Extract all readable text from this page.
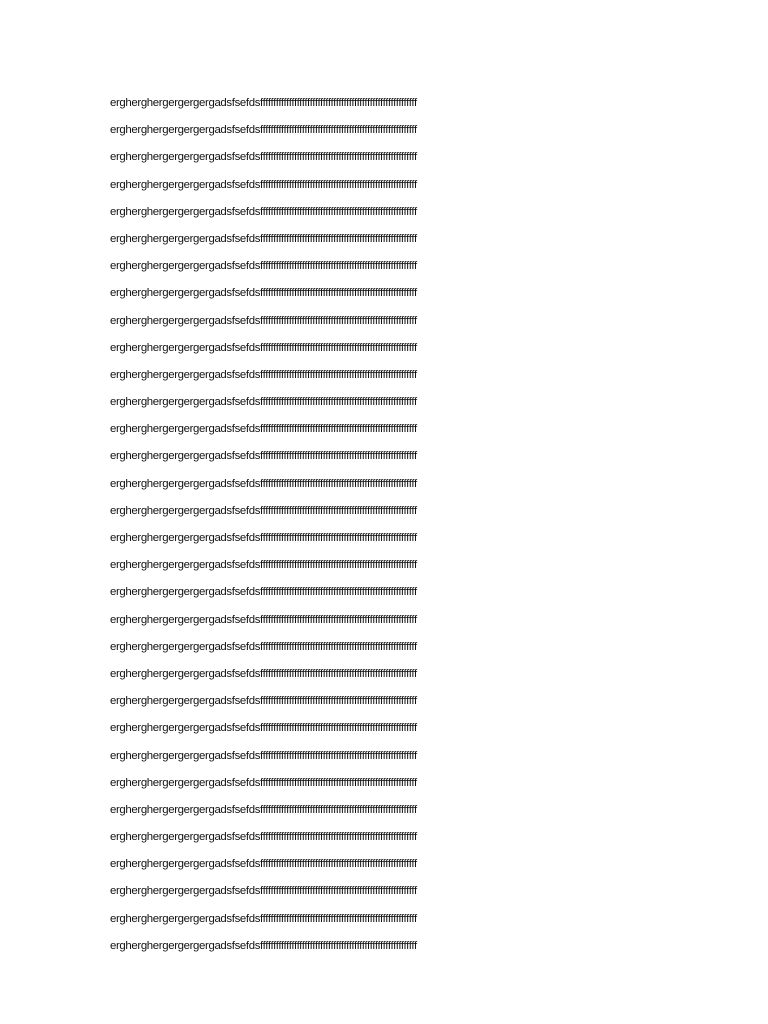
erghergherg​ergergergadsfsefdsffffffffffffffffffffffffffffffffffffffffffffffffffffffffffff
erghergherg​ergergergadsfsefdsffffffffffffffffffffffffffffffffffffffffffffffffffffffffffff
erghergherg​ergergergadsfsefdsffffffffffffffffffffffffffffffffffffffffffffffffffffffffffff
erghergherg​ergergergadsfsefdsffffffffffffffffffffffffffffffffffffffffffffffffffffffffffff
erghergherg​ergergergadsfsefdsffffffffffffffffffffffffffffffffffffffffffffffffffffffffffff
erghergherg​ergergergadsfsefdsffffffffffffffffffffffffffffffffffffffffffffffffffffffffffff
erghergherg​ergergergadsfsefdsffffffffffffffffffffffffffffffffffffffffffffffffffffffffffff
erghergherg​ergergergadsfsefdsffffffffffffffffffffffffffffffffffffffffffffffffffffffffffff
erghergherg​ergergergadsfsefdsffffffffffffffffffffffffffffffffffffffffffffffffffffffffffff
erghergherg​ergergergadsfsefdsffffffffffffffffffffffffffffffffffffffffffffffffffffffffffff
erghergherg​ergergergadsfsefdsffffffffffffffffffffffffffffffffffffffffffffffffffffffffffff
erghergherg​ergergergadsfsefdsffffffffffffffffffffffffffffffffffffffffffffffffffffffffffff
erghergherg​ergergergadsfsefdsffffffffffffffffffffffffffffffffffffffffffffffffffffffffffff
erghergherg​ergergergadsfsefdsffffffffffffffffffffffffffffffffffffffffffffffffffffffffffff
erghergherg​ergergergadsfsefdsffffffffffffffffffffffffffffffffffffffffffffffffffffffffffff
erghergherg​ergergergadsfsefdsffffffffffffffffffffffffffffffffffffffffffffffffffffffffffff
erghergherg​ergergergadsfsefdsffffffffffffffffffffffffffffffffffffffffffffffffffffffffffff
erghergherg​ergergergadsfsefdsffffffffffffffffffffffffffffffffffffffffffffffffffffffffffff
erghergherg​ergergergadsfsefdsffffffffffffffffffffffffffffffffffffffffffffffffffffffffffff
erghergherg​ergergergadsfsefdsffffffffffffffffffffffffffffffffffffffffffffffffffffffffffff
erghergherg​ergergergadsfsefdsffffffffffffffffffffffffffffffffffffffffffffffffffffffffffff
erghergherg​ergergergadsfsefdsffffffffffffffffffffffffffffffffffffffffffffffffffffffffffff
erghergherg​ergergergadsfsefdsffffffffffffffffffffffffffffffffffffffffffffffffffffffffffff
erghergherg​ergergergadsfsefdsffffffffffffffffffffffffffffffffffffffffffffffffffffffffffff
erghergherg​ergergergadsfsefdsffffffffffffffffffffffffffffffffffffffffffffffffffffffffffff
erghergherg​ergergergadsfsefdsffffffffffffffffffffffffffffffffffffffffffffffffffffffffffff
erghergherg​ergergergadsfsefdsffffffffffffffffffffffffffffffffffffffffffffffffffffffffffff
erghergherg​ergergergadsfsefdsffffffffffffffffffffffffffffffffffffffffffffffffffffffffffff
erghergherg​ergergergadsfsefdsffffffffffffffffffffffffffffffffffffffffffffffffffffffffffff
erghergherg​ergergergadsfsefdsffffffffffffffffffffffffffffffffffffffffffffffffffffffffffff
erghergherg​ergergergadsfsefdsffffffffffffffffffffffffffffffffffffffffffffffffffffffffffff
erghergherg​ergergergadsfsefdsffffffffffffffffffffffffffffffffffffffffffffffffffffffffffff
